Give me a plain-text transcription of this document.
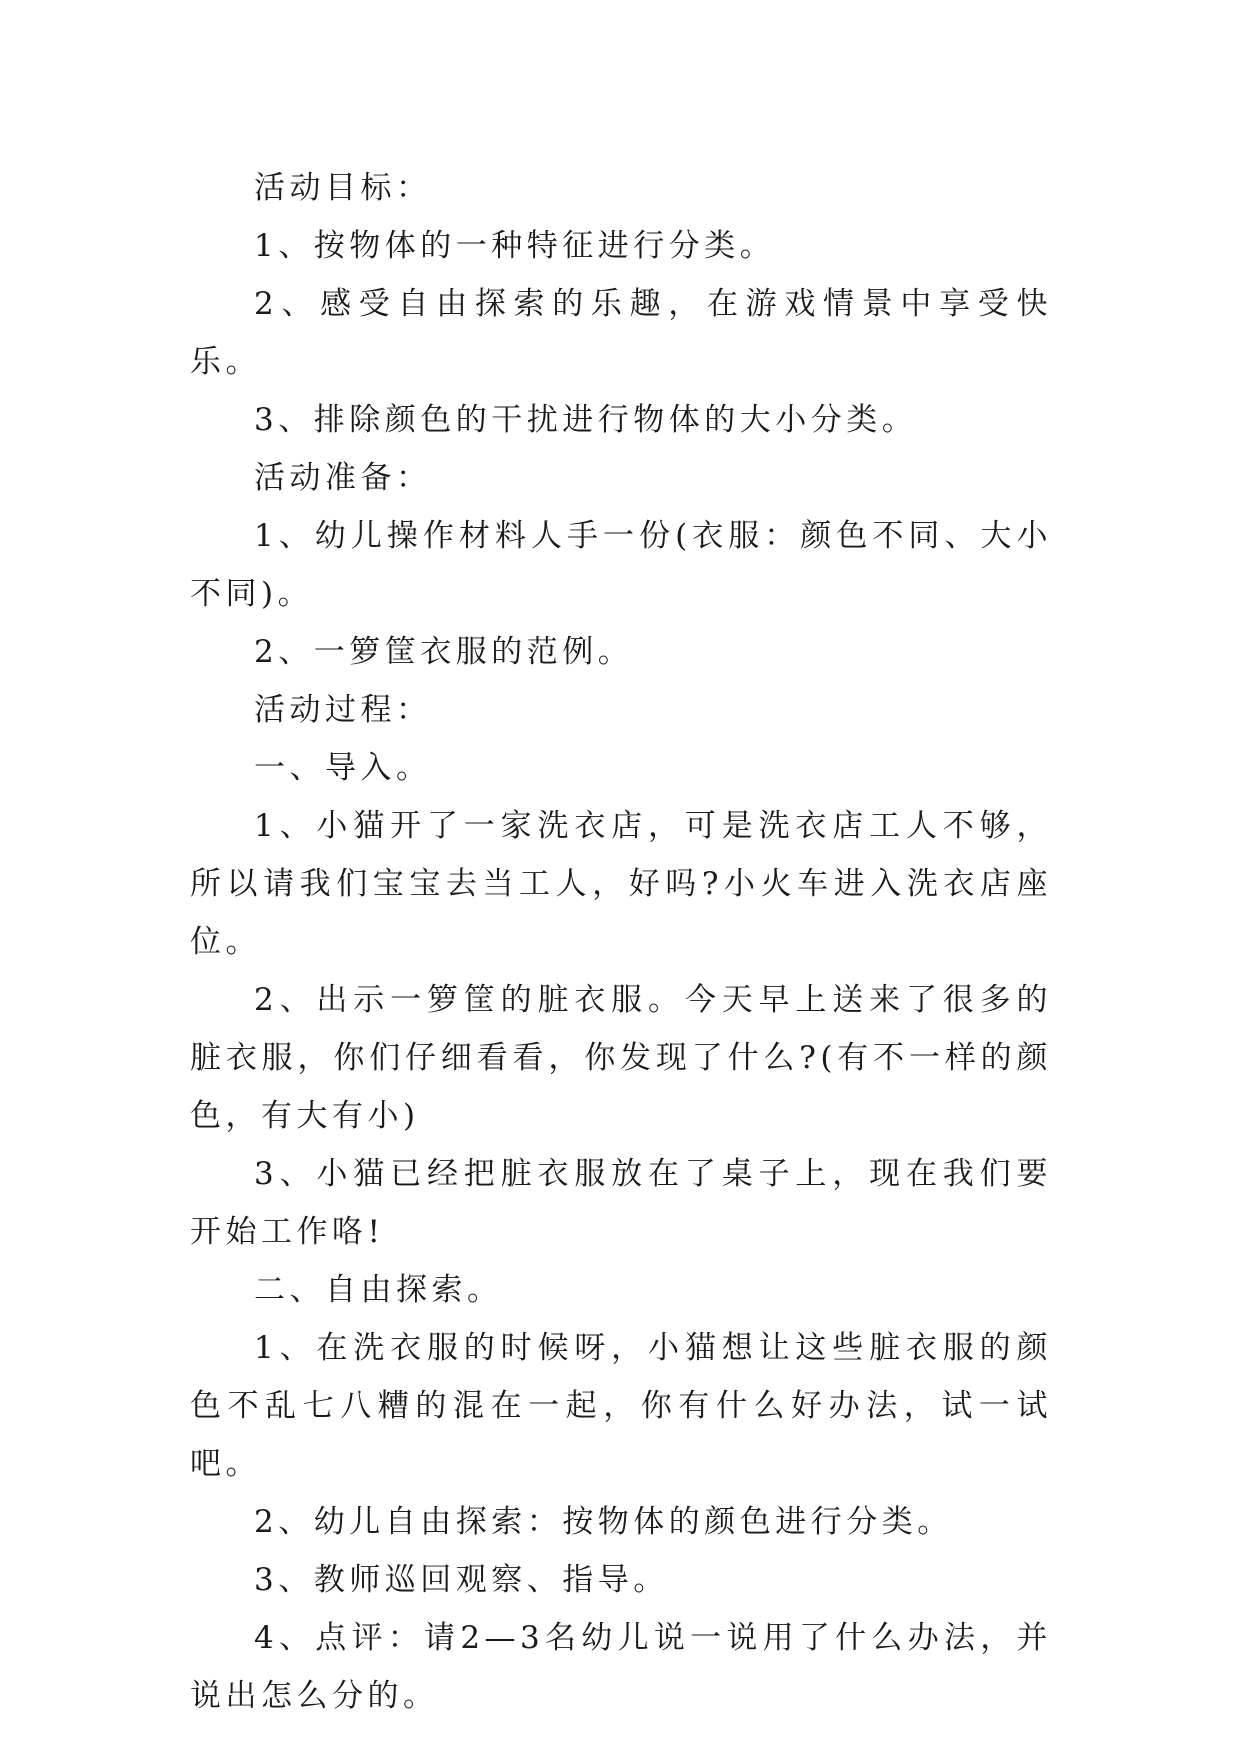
活动目标：

1、按物体的一种特征进行分类。

2、感受自由探索的乐趣，在游戏情景中享受快乐。

3、排除颜色的干扰进行物体的大小分类。

活动准备：

1、幼儿操作材料人手一份(衣服：颜色不同、大小不同)。

2、一箩筐衣服的范例。

活动过程：

一、导入。

1、小猫开了一家洗衣店，可是洗衣店工人不够，所以请我们宝宝去当工人，好吗?小火车进入洗衣店座位。

2、出示一箩筐的脏衣服。今天早上送来了很多的脏衣服，你们仔细看看，你发现了什么?(有不一样的颜色，有大有小)

3、小猫已经把脏衣服放在了桌子上，现在我们要开始工作咯!

二、自由探索。

1、在洗衣服的时候呀，小猫想让这些脏衣服的颜色不乱七八糟的混在一起，你有什么好办法，试一试吧。

2、幼儿自由探索：按物体的颜色进行分类。

3、教师巡回观察、指导。

4、点评：请2—3名幼儿说一说用了什么办法，并说出怎么分的。
